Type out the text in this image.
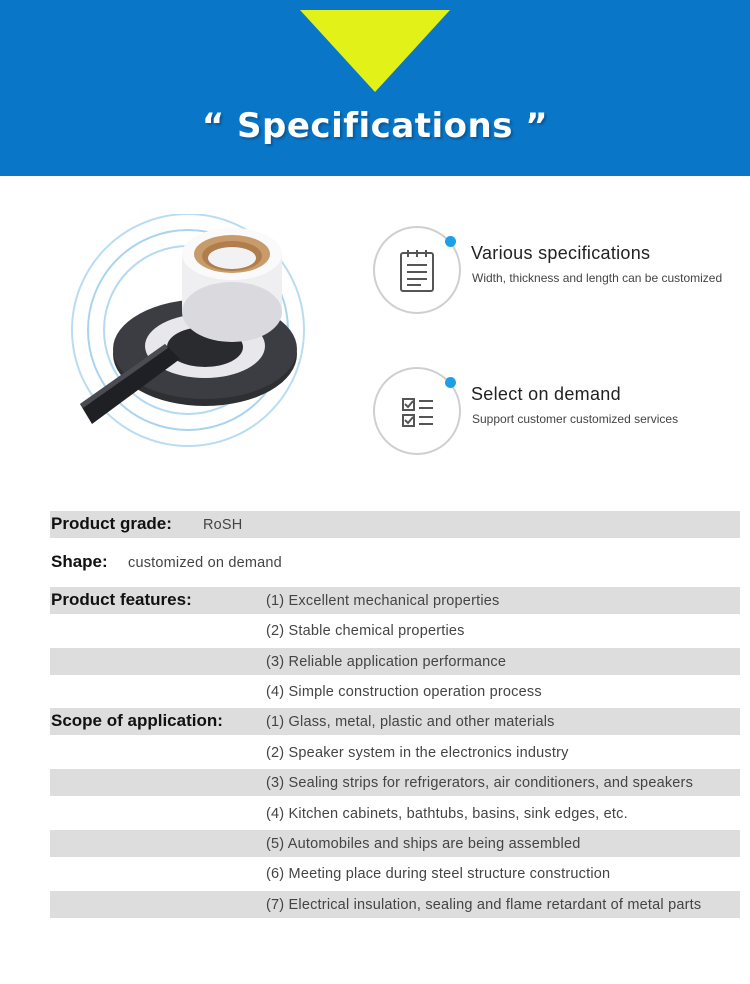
“ Specifications ”
Various specifications
Width, thickness and length can be customized
Select on demand
Support customer customized services
Product grade: RoSH
Shape: customized on demand
Product features:	(1) Excellent mechanical properties
(2) Stable chemical properties
(3) Reliable application performance
(4) Simple construction operation process
Scope of application:	(1) Glass, metal, plastic and other materials
(2) Speaker system in the electronics industry
(3) Sealing strips for refrigerators, air conditioners, and speakers
(4) Kitchen cabinets, bathtubs, basins, sink edges, etc.
(5) Automobiles and ships are being assembled
(6) Meeting place during steel structure construction
(7) Electrical insulation, sealing and flame retardant of metal parts
